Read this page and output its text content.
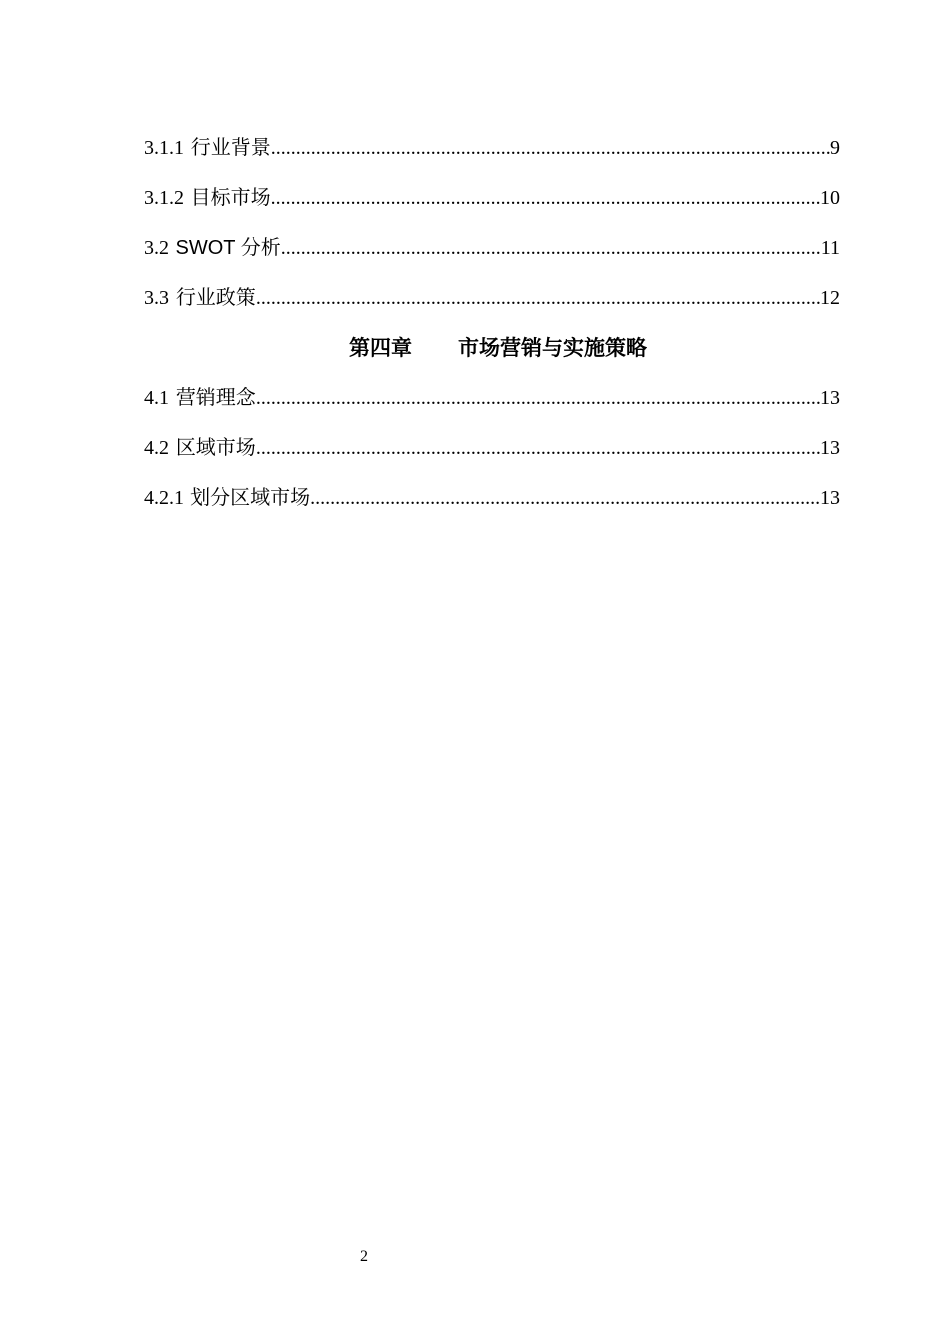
3.1.1 行业背景 .....	9
3.1.2 目标市场 .....	10
3.2 SWOT 分析 .....	11
3.3 行业政策 .....	12
第四章 市场营销与实施策略
4.1 营销理念 .....	13
4.2 区域市场 .....	13
4.2.1 划分区域市场 .....	13
2
